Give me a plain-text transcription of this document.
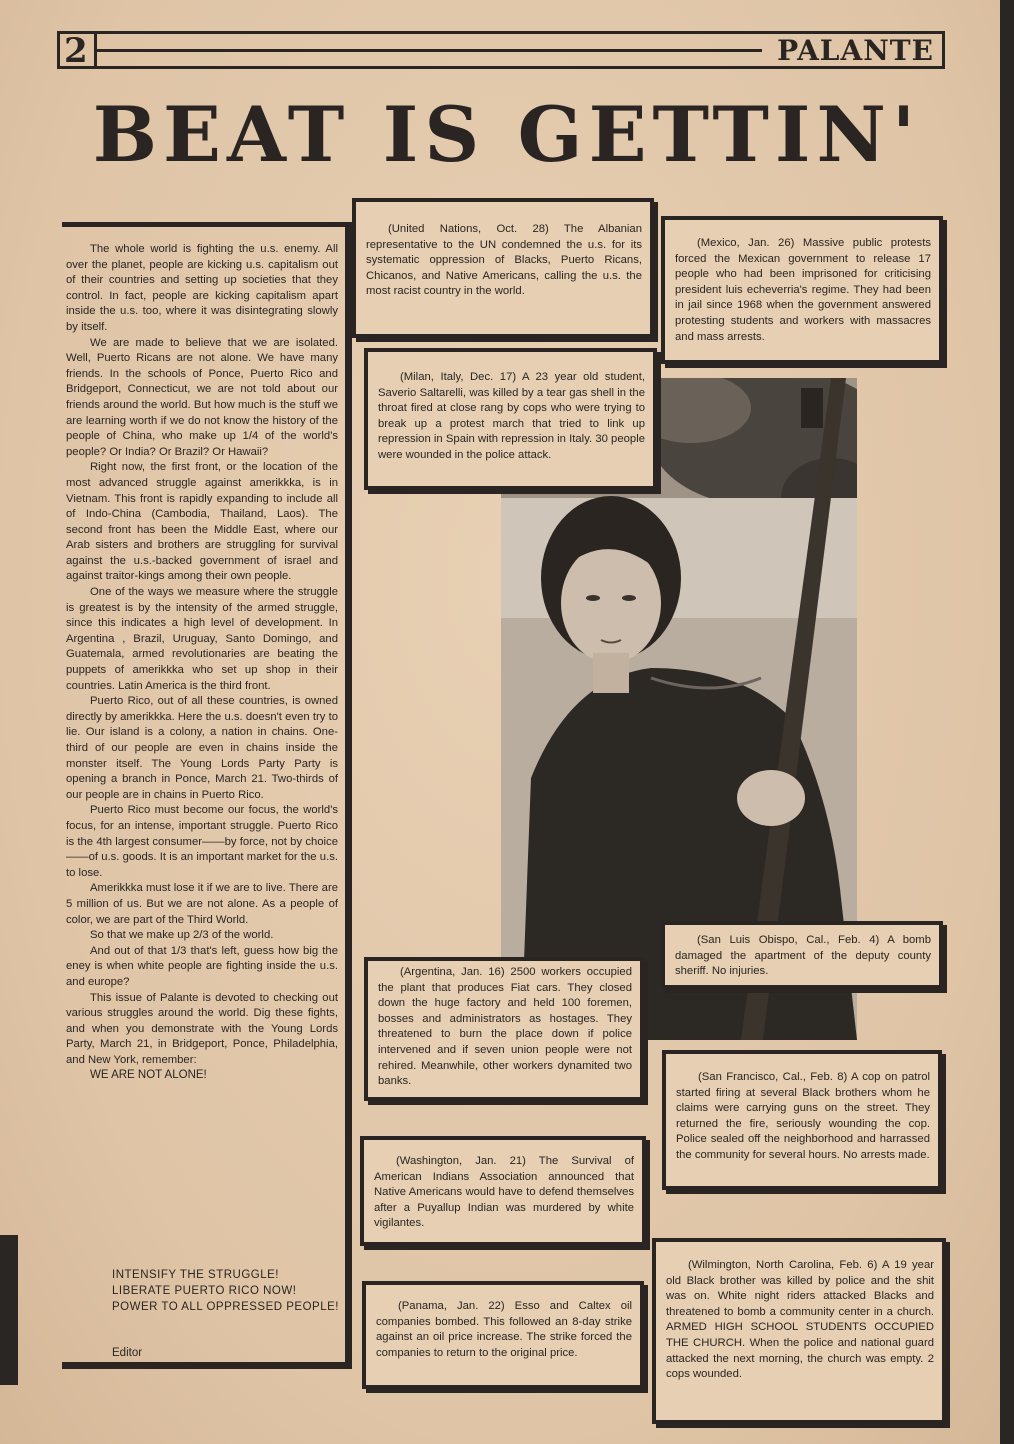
2	PALANTE
BEAT IS GETTIN'

The whole world is fighting the u.s. enemy. All over the planet, people are kicking u.s. capitalism out of their countries and setting up societies that they control. In fact, people are kicking capitalism apart inside the u.s. too, where it was disintegrating slowly by itself.

We are made to believe that we are isolated. Well, Puerto Ricans are not alone. We have many friends. In the schools of Ponce, Puerto Rico and Bridgeport, Connecticut, we are not told about our friends around the world. But how much is the stuff we are learning worth if we do not know the history of the people of China, who make up 1/4 of the world's people? Or India? Or Brazil? Or Hawaii?

Right now, the first front, or the location of the most advanced struggle against amerikkka, is in Vietnam. This front is rapidly expanding to include all of Indo-China (Cambodia, Thailand, Laos). The second front has been the Middle East, where our Arab sisters and brothers are struggling for survival against the u.s.-backed government of israel and against traitor-kings among their own people.

One of the ways we measure where the struggle is greatest is by the intensity of the armed struggle, since this indicates a high level of development. In Argentina , Brazil, Uruguay, Santo Domingo, and Guatemala, armed revolutionaries are beating the puppets of amerikkka who set up shop in their countries. Latin America is the third front.

Puerto Rico, out of all these countries, is owned directly by amerikkka. Here the u.s. doesn't even try to lie. Our island is a colony, a nation in chains. One-third of our people are even in chains inside the monster itself. The Young Lords Party Party is opening a branch in Ponce, March 21. Two-thirds of our people are in chains in Puerto Rico.

Puerto Rico must become our focus, the world's focus, for an intense, important struggle. Puerto Rico is the 4th largest consumer——by force, not by choice——of u.s. goods. It is an important market for the u.s. to lose.

Amerikkka must lose it if we are to live. There are 5 million of us. But we are not alone. As a people of color, we are part of the Third World.

So that we make up 2/3 of the world.

And out of that 1/3 that's left, guess how big the eney is when white people are fighting inside the u.s. and europe?

This issue of Palante is devoted to checking out various struggles around the world. Dig these fights, and when you demonstrate with the Young Lords Party, March 21, in Bridgeport, Ponce, Philadelphia, and New York, remember:

WE ARE NOT ALONE!

INTENSIFY THE STRUGGLE!
LIBERATE PUERTO RICO NOW!
POWER TO ALL OPPRESSED PEOPLE!
Editor

(United Nations, Oct. 28) The Albanian representative to the UN condemned the u.s. for its systematic oppression of Blacks, Puerto Ricans, Chicanos, and Native Americans, calling the u.s. the most racist country in the world.

(Mexico, Jan. 26) Massive public protests forced the Mexican government to release 17 people who had been imprisoned for criticising president luis echeverria's regime. They had been in jail since 1968 when the government answered protesting students and workers with massacres and mass arrests.

(Milan, Italy, Dec. 17) A 23 year old student, Saverio Saltarelli, was killed by a tear gas shell in the throat fired at close rang by cops who were trying to break up a protest march that tried to link up repression in Spain with repression in Italy. 30 people were wounded in the police attack.

(San Luis Obispo, Cal., Feb. 4) A bomb damaged the apartment of the deputy county sheriff. No injuries.

(Argentina, Jan. 16) 2500 workers occupied the plant that produces Fiat cars. They closed down the huge factory and held 100 foremen, bosses and administrators as hostages. They threatened to burn the place down if police intervened and if seven union people were not rehired. Meanwhile, other workers dynamited two banks.	(San Francisco, Cal., Feb. 8) A cop on patrol started firing at several Black brothers whom he claims were carrying guns on the street. They returned the fire, seriously wounding the cop. Police sealed off the neighborhood and harrassed the community for several hours. No arrests made.

(Washington, Jan. 21) The Survival of American Indians Association announced that Native Americans would have to defend themselves after a Puyallup Indian was murdered by white vigilantes.

(Wilmington, North Carolina, Feb. 6) A 19 year old Black brother was killed by police and the shit was on. White night riders attacked Blacks and threatened to bomb a community center in a church. ARMED HIGH SCHOOL STUDENTS OCCUPIED THE CHURCH. When the police and national guard attacked the next morning, the church was empty. 2 cops wounded.

(Panama, Jan. 22) Esso and Caltex oil companies bombed. This followed an 8-day strike against an oil price increase. The strike forced the companies to return to the original price.
